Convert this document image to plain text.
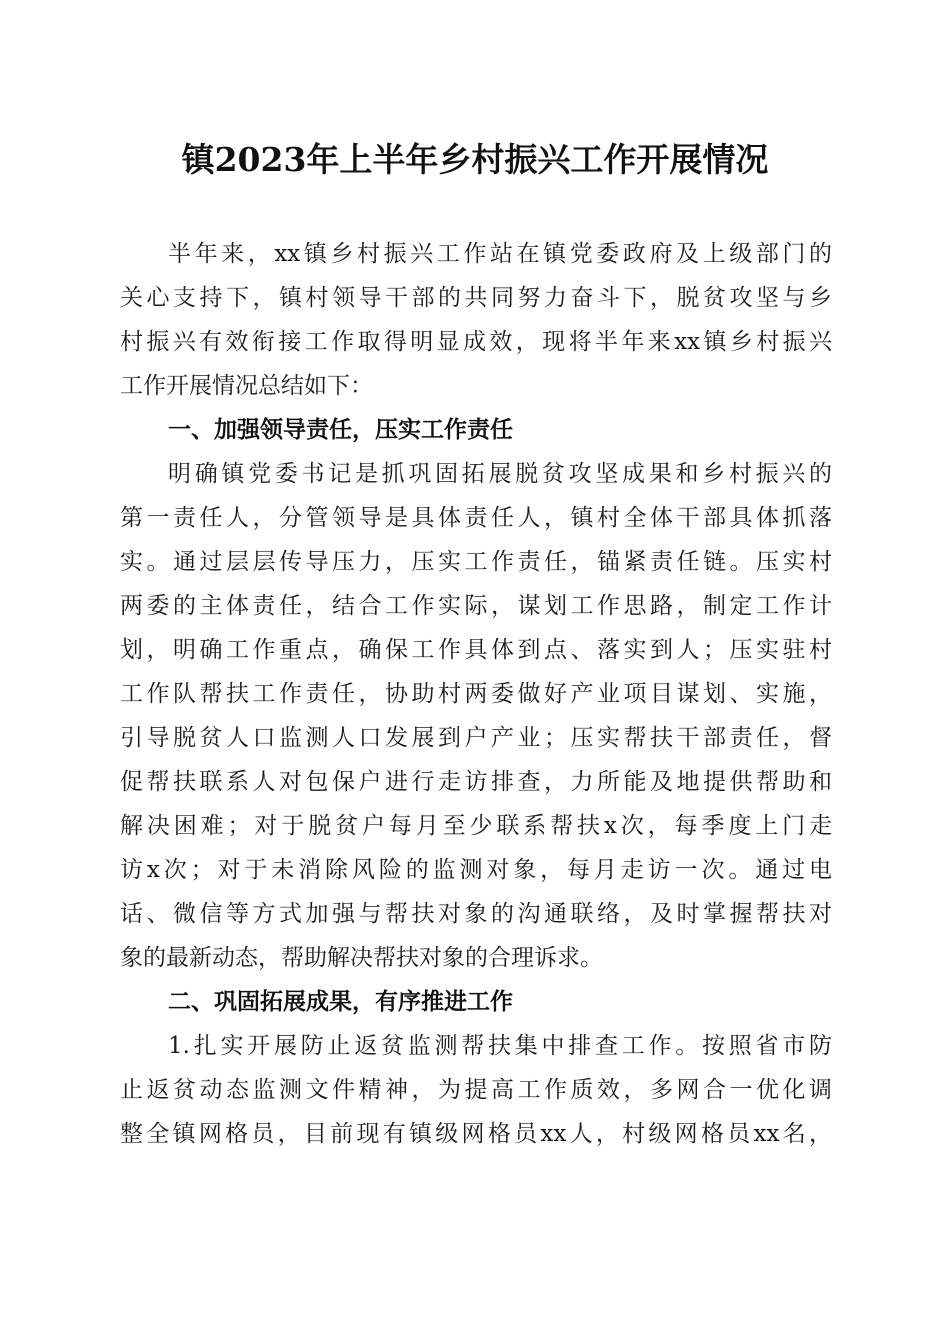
镇2023年上半年乡村振兴工作开展情况
半年来，xx镇乡村振兴工作站在镇党委政府及上级部门的
关心支持下，镇村领导干部的共同努力奋斗下，脱贫攻坚与乡
村振兴有效衔接工作取得明显成效，现将半年来xx镇乡村振兴
工作开展情况总结如下：
一、加强领导责任，压实工作责任
明确镇党委书记是抓巩固拓展脱贫攻坚成果和乡村振兴的
第一责任人，分管领导是具体责任人，镇村全体干部具体抓落
实。通过层层传导压力，压实工作责任，锚紧责任链。压实村
两委的主体责任，结合工作实际，谋划工作思路，制定工作计
划，明确工作重点，确保工作具体到点、落实到人；压实驻村
工作队帮扶工作责任，协助村两委做好产业项目谋划、实施，
引导脱贫人口监测人口发展到户产业；压实帮扶干部责任，督
促帮扶联系人对包保户进行走访排查，力所能及地提供帮助和
解决困难；对于脱贫户每月至少联系帮扶x次，每季度上门走
访x次；对于未消除风险的监测对象，每月走访一次。通过电
话、微信等方式加强与帮扶对象的沟通联络，及时掌握帮扶对
象的最新动态，帮助解决帮扶对象的合理诉求。
二、巩固拓展成果，有序推进工作
1.扎实开展防止返贫监测帮扶集中排查工作。按照省市防
止返贫动态监测文件精神，为提高工作质效，多网合一优化调
整全镇网格员，目前现有镇级网格员xx人，村级网格员xx名，
